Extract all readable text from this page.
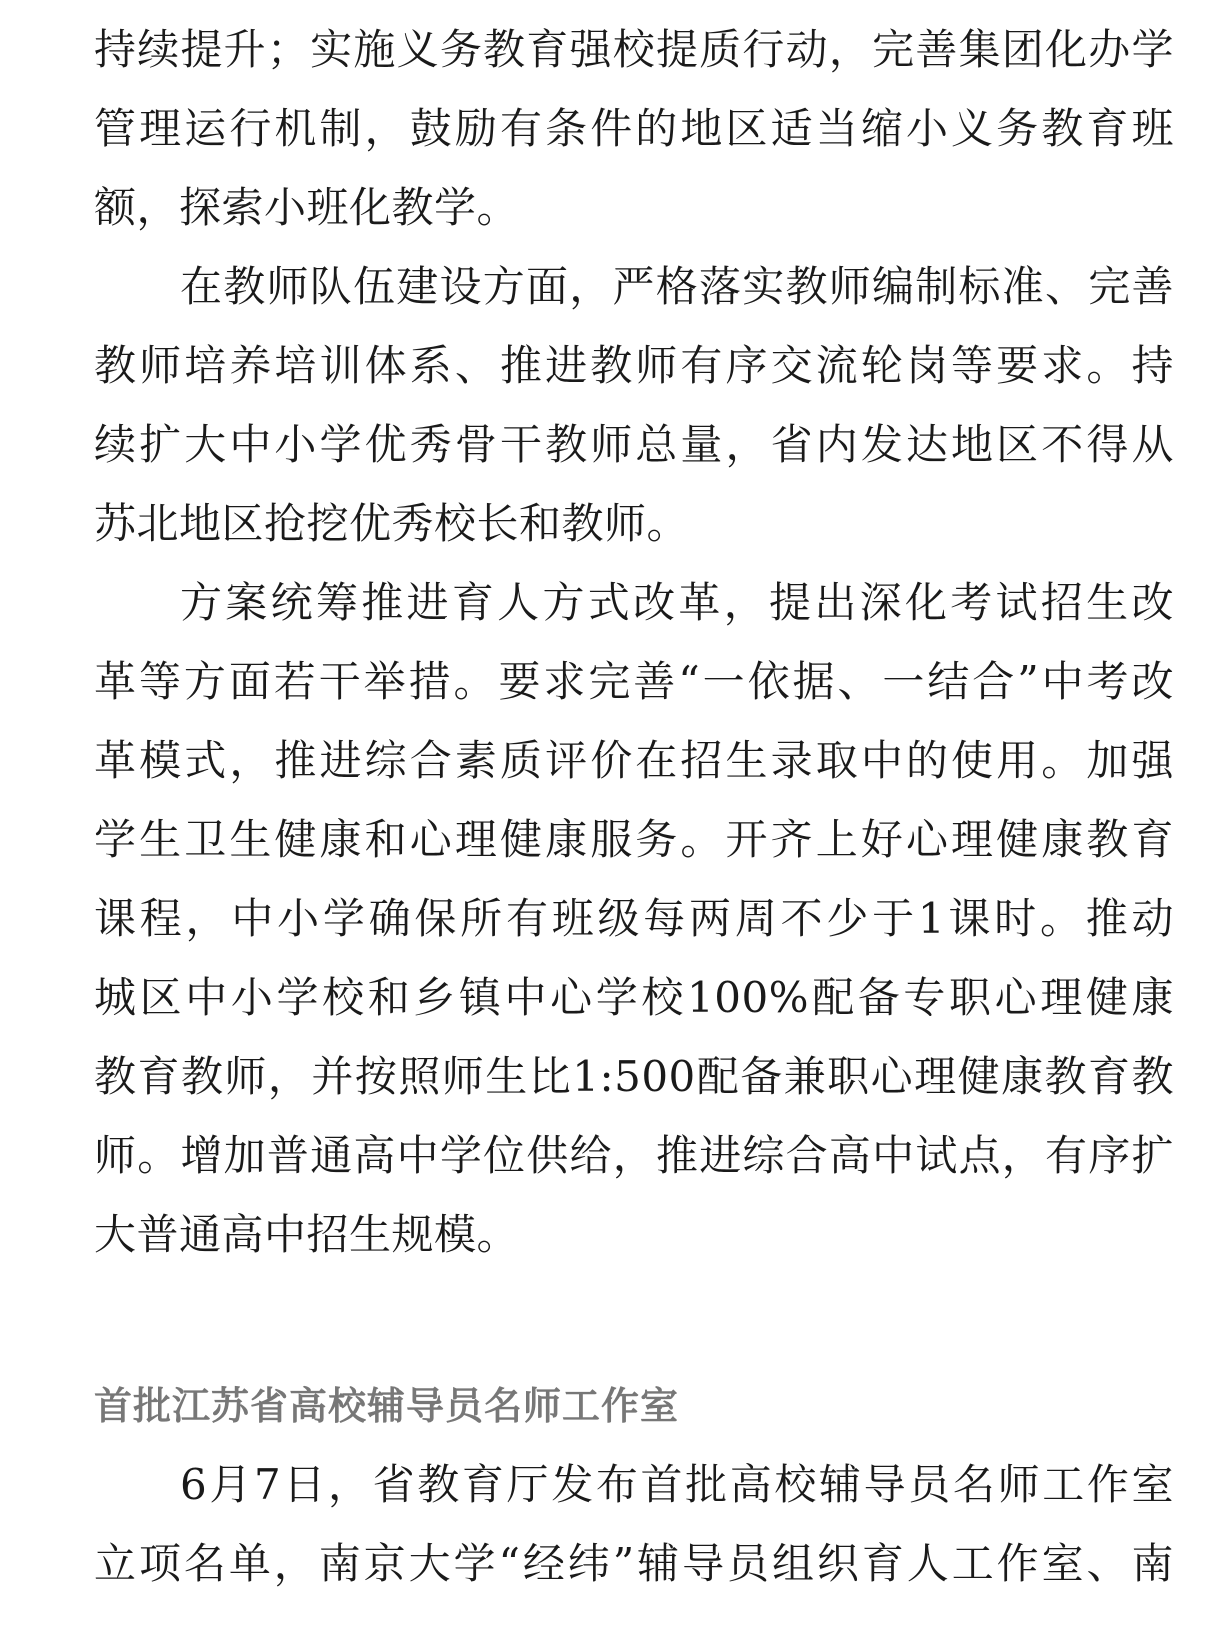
持续提升；实施义务教育强校提质行动，完善集团化办学
管理运行机制，鼓励有条件的地区适当缩小义务教育班
额，探索小班化教学。
在教师队伍建设方面，严格落实教师编制标准、完善
教师培养培训体系、推进教师有序交流轮岗等要求。持
续扩大中小学优秀骨干教师总量，省内发达地区不得从
苏北地区抢挖优秀校长和教师。
方案统筹推进育人方式改革，提出深化考试招生改
革等方面若干举措。要求完善“一依据、一结合”中考改
革模式，推进综合素质评价在招生录取中的使用。加强
学生卫生健康和心理健康服务。开齐上好心理健康教育
课程，中小学确保所有班级每两周不少于1课时。推动
城区中小学校和乡镇中心学校100%配备专职心理健康
教育教师，并按照师生比1:500配备兼职心理健康教育教
师。增加普通高中学位供给，推进综合高中试点，有序扩
大普通高中招生规模。
首批江苏省高校辅导员名师工作室
6月7日，省教育厅发布首批高校辅导员名师工作室
立项名单，南京大学“经纬”辅导员组织育人工作室、南
